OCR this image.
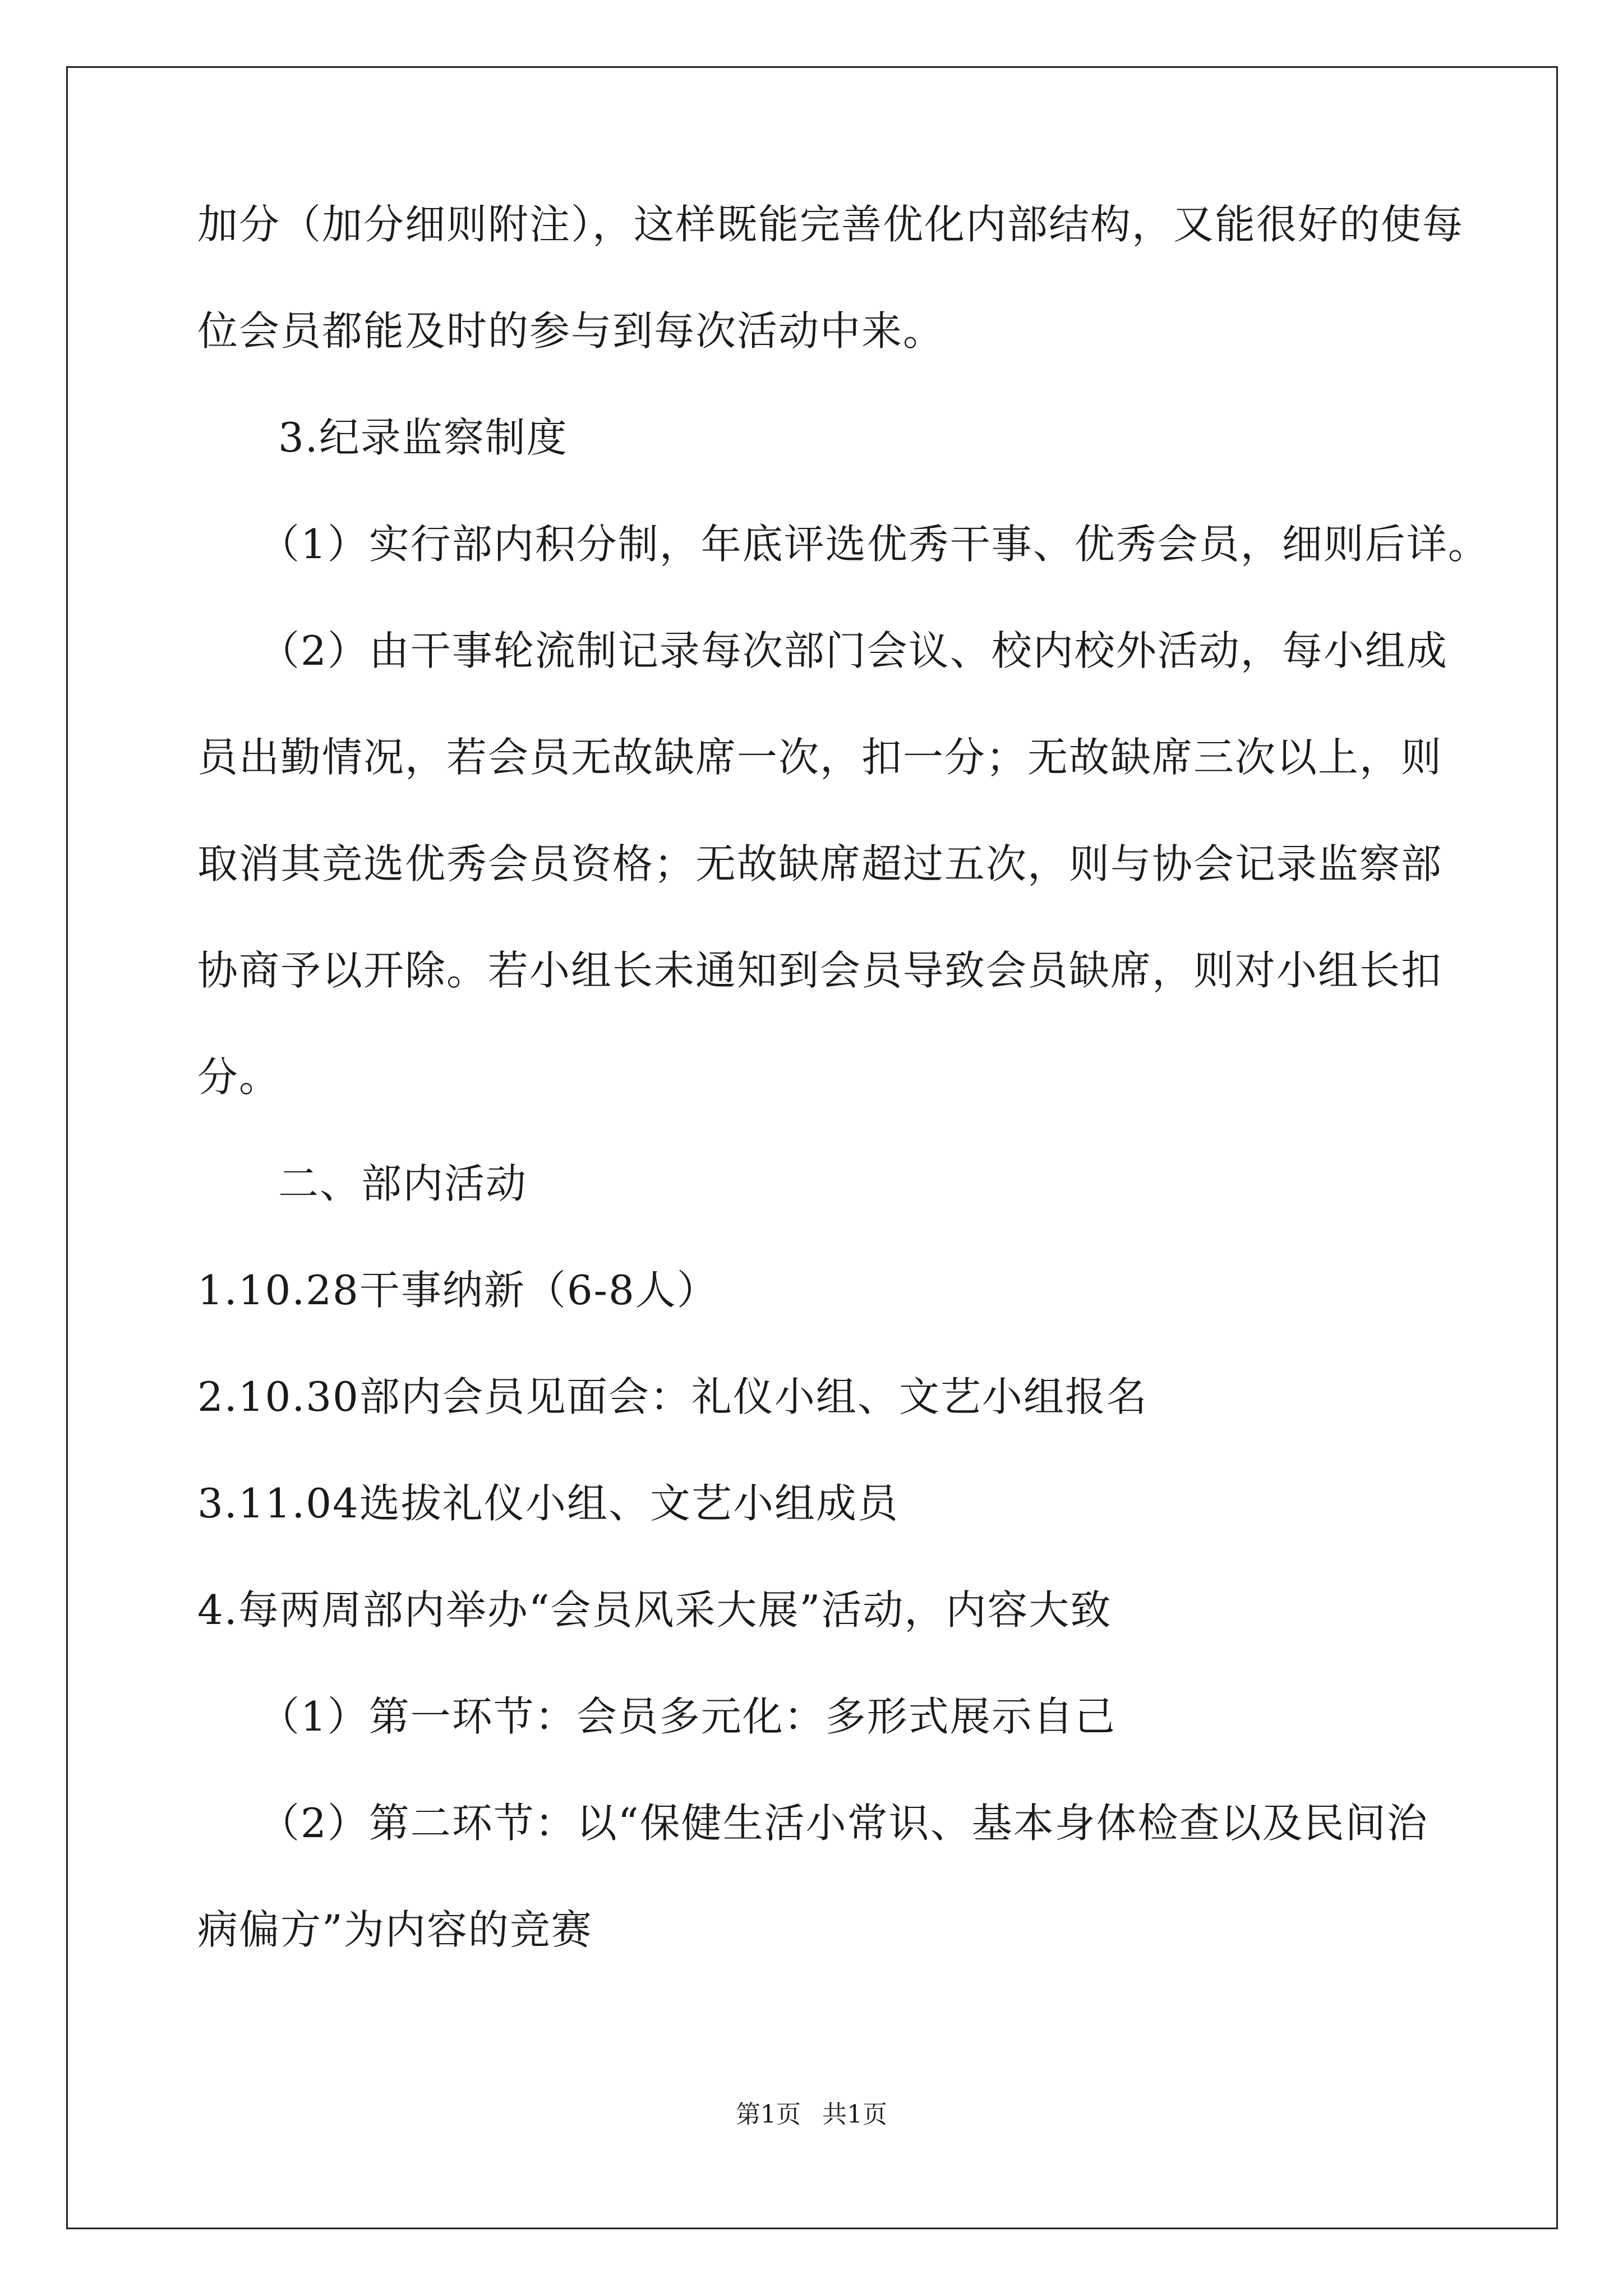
加分（加分细则附注），这样既能完善优化内部结构，又能很好的使每
位会员都能及时的参与到每次活动中来。
3.纪录监察制度
（1）实行部内积分制，年底评选优秀干事、优秀会员，细则后详。
（2）由干事轮流制记录每次部门会议、校内校外活动，每小组成
员出勤情况，若会员无故缺席一次，扣一分；无故缺席三次以上，则
取消其竞选优秀会员资格；无故缺席超过五次，则与协会记录监察部
协商予以开除。若小组长未通知到会员导致会员缺席，则对小组长扣
分。
二、部内活动
1.10.28干事纳新（6-8人）
2.10.30部内会员见面会：礼仪小组、文艺小组报名
3.11.04选拔礼仪小组、文艺小组成员
4.每两周部内举办“会员风采大展”活动，内容大致
（1）第一环节：会员多元化：多形式展示自己
（2）第二环节：以“保健生活小常识、基本身体检查以及民间治
病偏方”为内容的竞赛
第1页 共1页
